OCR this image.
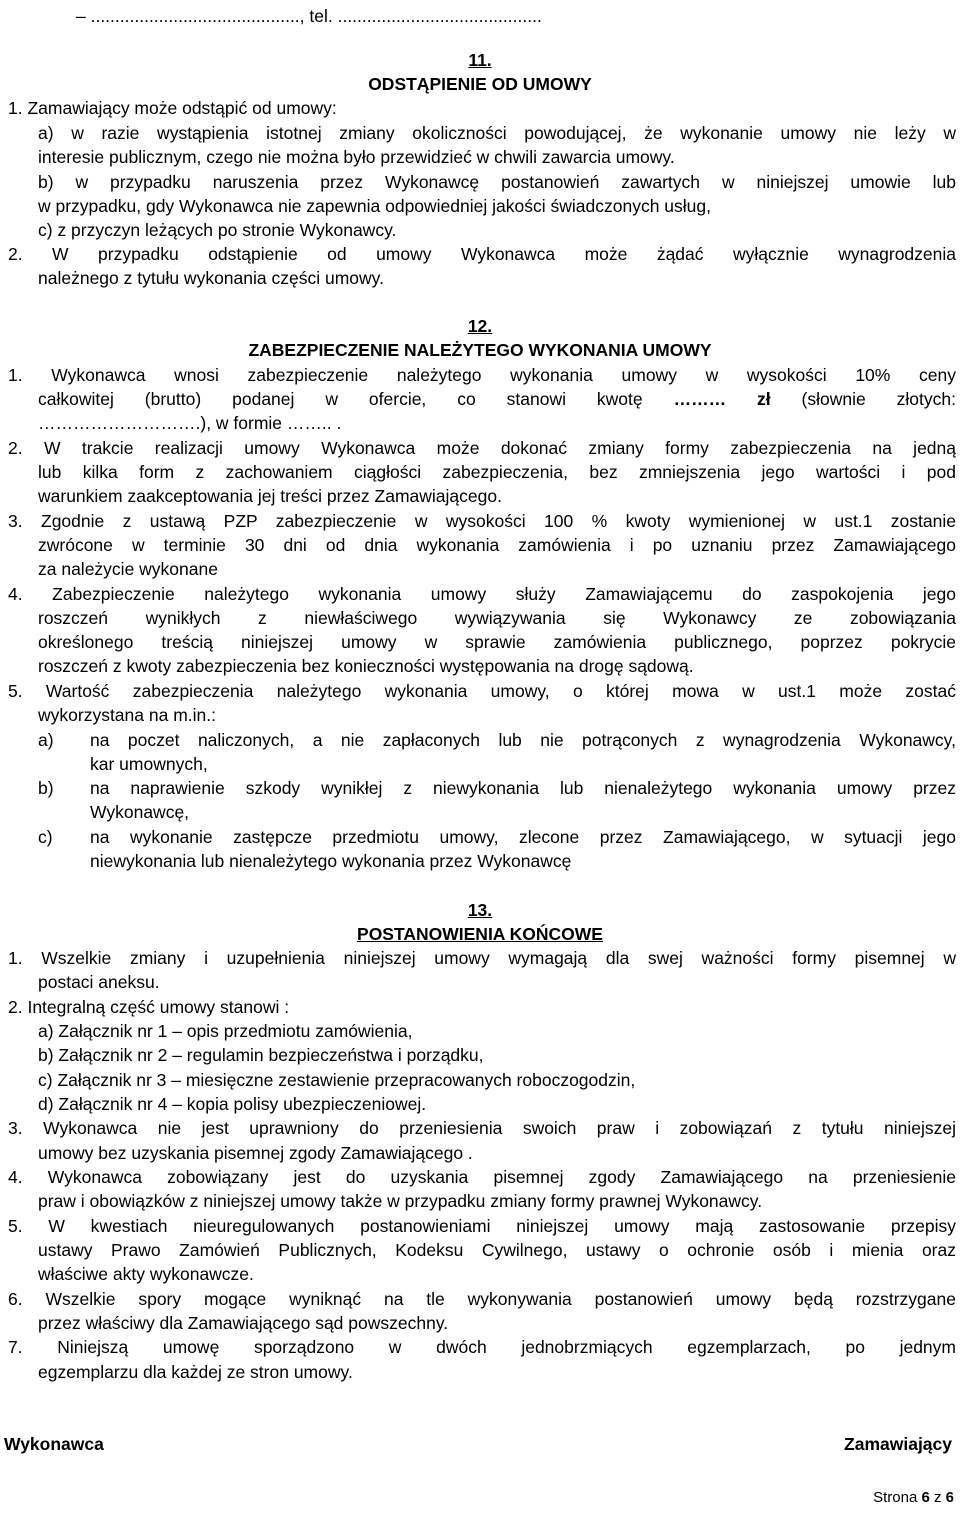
– ..........................................., tel. ..........................................
11.
ODSTĄPIENIE OD UMOWY
1. Zamawiający może odstąpić od umowy:
a) w razie wystąpienia istotnej zmiany okoliczności powodującej, że wykonanie umowy nie leży w
interesie publicznym, czego nie można było przewidzieć w chwili zawarcia umowy.
b) w przypadku naruszenia przez Wykonawcę postanowień zawartych w niniejszej umowie lub
w przypadku, gdy Wykonawca nie zapewnia odpowiedniej jakości świadczonych usług,
c) z przyczyn leżących po stronie Wykonawcy.
2. W przypadku odstąpienie od umowy Wykonawca może żądać wyłącznie wynagrodzenia
należnego z tytułu wykonania części umowy.
12.
ZABEZPIECZENIE NALEŻYTEGO WYKONANIA UMOWY
1. Wykonawca wnosi zabezpieczenie należytego wykonania umowy w wysokości 10% ceny
całkowitej (brutto) podanej w ofercie, co stanowi kwotę ……… zł (słownie złotych:
……………………….), w formie …….. .
2. W trakcie realizacji umowy Wykonawca może dokonać zmiany formy zabezpieczenia na jedną
lub kilka form z zachowaniem ciągłości zabezpieczenia, bez zmniejszenia jego wartości i pod
warunkiem zaakceptowania jej treści przez Zamawiającego.
3. Zgodnie z ustawą PZP zabezpieczenie w wysokości 100 % kwoty wymienionej w ust.1 zostanie
zwrócone w terminie 30 dni od dnia wykonania zamówienia i po uznaniu przez Zamawiającego
za należycie wykonane
4. Zabezpieczenie należytego wykonania umowy służy Zamawiającemu do zaspokojenia jego
roszczeń wynikłych z niewłaściwego wywiązywania się Wykonawcy ze zobowiązania
określonego treścią niniejszej umowy w sprawie zamówienia publicznego, poprzez pokrycie
roszczeń z kwoty zabezpieczenia bez konieczności występowania na drogę sądową.
5. Wartość zabezpieczenia należytego wykonania umowy, o której mowa w ust.1 może zostać
wykorzystana na m.in.:
a) na poczet naliczonych, a nie zapłaconych lub nie potrąconych z wynagrodzenia Wykonawcy,
kar umownych,
b) na naprawienie szkody wynikłej z niewykonania lub nienależytego wykonania umowy przez
Wykonawcę,
c) na wykonanie zastępcze przedmiotu umowy, zlecone przez Zamawiającego, w sytuacji jego
niewykonania lub nienależytego wykonania przez Wykonawcę
13.
POSTANOWIENIA KOŃCOWE
1. Wszelkie zmiany i uzupełnienia niniejszej umowy wymagają dla swej ważności formy pisemnej w
postaci aneksu.
2. Integralną część umowy stanowi :
a) Załącznik nr 1 – opis przedmiotu zamówienia,
b) Załącznik nr 2 – regulamin bezpieczeństwa i porządku,
c) Załącznik nr 3 – miesięczne zestawienie przepracowanych roboczogodzin,
d) Załącznik nr 4 – kopia polisy ubezpieczeniowej.
3. Wykonawca nie jest uprawniony do przeniesienia swoich praw i zobowiązań z tytułu niniejszej
umowy bez uzyskania pisemnej zgody Zamawiającego .
4. Wykonawca zobowiązany jest do uzyskania pisemnej zgody Zamawiającego na przeniesienie
praw i obowiązków z niniejszej umowy także w przypadku zmiany formy prawnej Wykonawcy.
5. W kwestiach nieuregulowanych postanowieniami niniejszej umowy mają zastosowanie przepisy
ustawy Prawo Zamówień Publicznych, Kodeksu Cywilnego, ustawy o ochronie osób i mienia oraz
właściwe akty wykonawcze.
6. Wszelkie spory mogące wyniknąć na tle wykonywania postanowień umowy będą rozstrzygane
przez właściwy dla Zamawiającego sąd powszechny.
7. Niniejszą umowę sporządzono w dwóch jednobrzmiących egzemplarzach, po jednym
egzemplarzu dla każdej ze stron umowy.
Wykonawca	Zamawiający
Strona 6 z 6
